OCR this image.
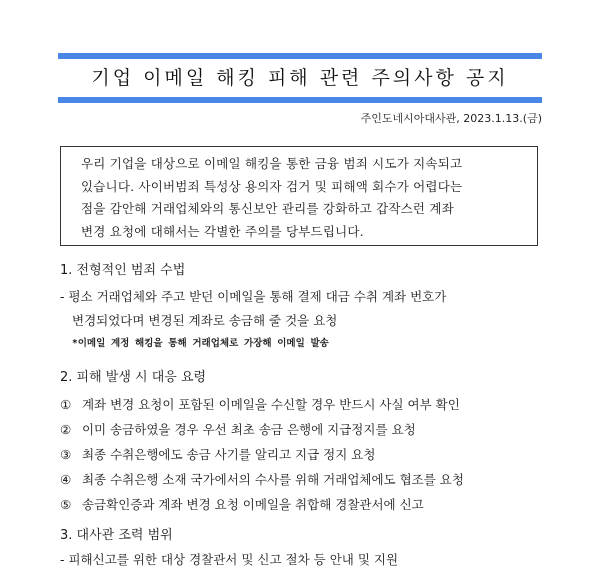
기업 이메일 해킹 피해 관련 주의사항 공지
주인도네시아대사관, 2023.1.13.(금)
우리 기업을 대상으로 이메일 해킹을 통한 금융 범죄 시도가 지속되고
있습니다. 사이버범죄 특성상 용의자 검거 및 피해액 회수가 어렵다는
점을 감안해 거래업체와의 통신보안 관리를 강화하고 갑작스런 계좌
변경 요청에 대해서는 각별한 주의를 당부드립니다.
1. 전형적인 범죄 수법
- 평소 거래업체와 주고 받던 이메일을 통해 결제 대금 수취 계좌 번호가
변경되었다며 변경된 계좌로 송금해 줄 것을 요청
*이메일 계정 해킹을 통해 거래업체로 가장해 이메일 발송
2. 피해 발생 시 대응 요령
① 계좌 변경 요청이 포함된 이메일을 수신할 경우 반드시 사실 여부 확인
② 이미 송금하였을 경우 우선 최초 송금 은행에 지급정지를 요청
③ 최종 수취은행에도 송금 사기를 알리고 지급 정지 요청
④ 최종 수취은행 소재 국가에서의 수사를 위해 거래업체에도 협조를 요청
⑤ 송금확인증과 계좌 변경 요청 이메일을 취합해 경찰관서에 신고
3. 대사관 조력 범위
- 피해신고를 위한 대상 경찰관서 및 신고 절차 등 안내 및 지원
